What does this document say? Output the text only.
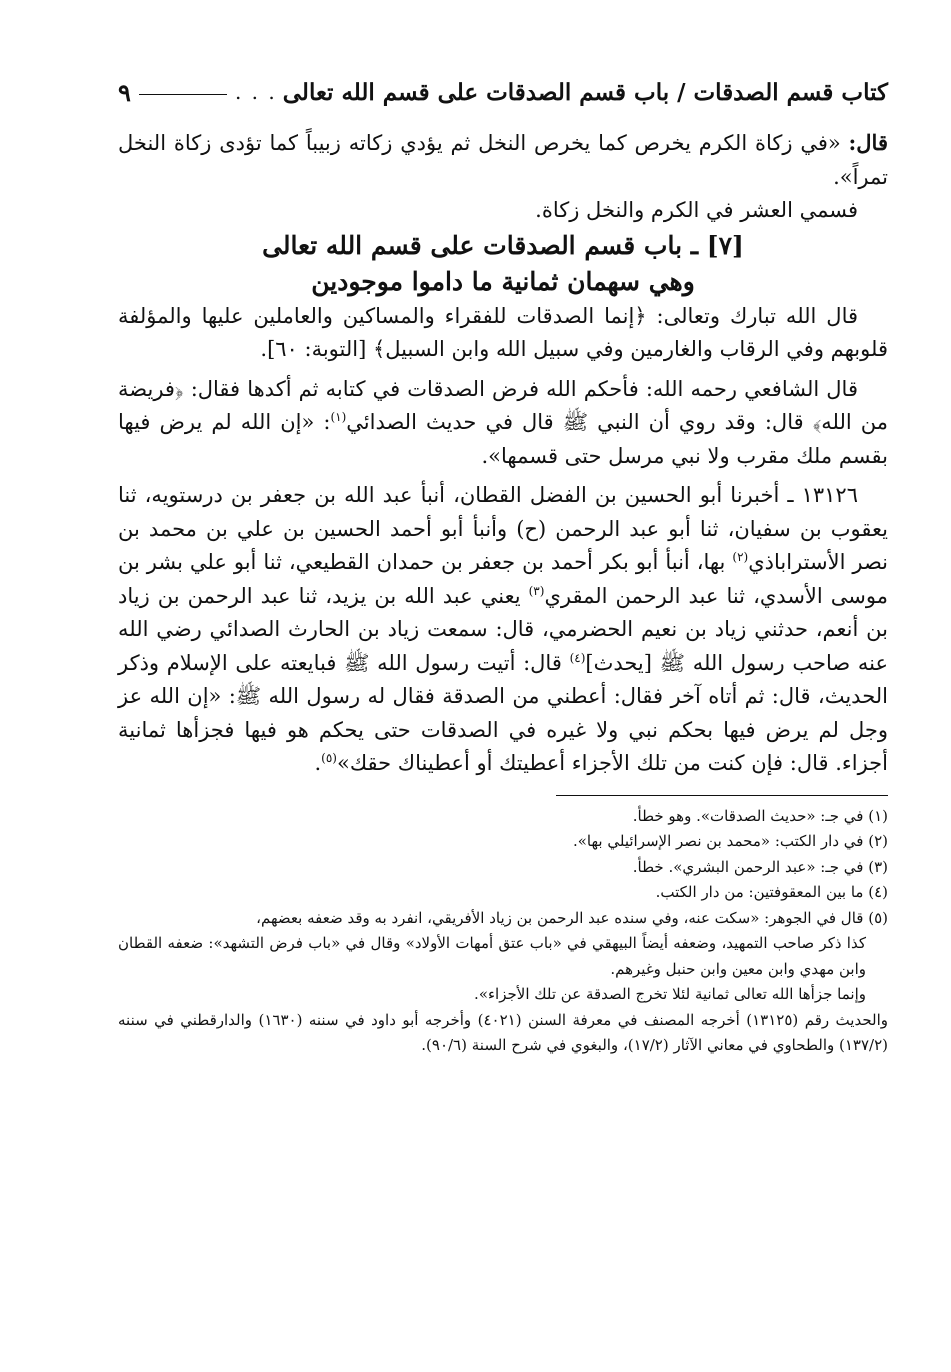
كتاب قسم الصدقات / باب قسم الصدقات على قسم الله تعالى
. . .
٩

قال: «في زكاة الكرم يخرص كما يخرص النخل ثم يؤدي زكاته زبيباً كما تؤدى زكاة النخل تمراً».

فسمي العشر في الكرم والنخل زكاة.

[٧] ـ باب قسم الصدقات على قسم الله تعالى
وهي سهمان ثمانية ما داموا موجودين

قال الله تبارك وتعالى: ﴿إنما الصدقات للفقراء والمساكين والعاملين عليها والمؤلفة قلوبهم وفي الرقاب والغارمين وفي سبيل الله وابن السبيل﴾ [التوبة: ٦٠].

قال الشافعي رحمه الله: فأحكم الله فرض الصدقات في كتابه ثم أكدها فقال: ﴿فريضة من الله﴾ قال: وقد روي أن النبي ﷺ قال في حديث الصدائي$^{(١)}$: «إن الله لم يرض فيها بقسم ملك مقرب ولا نبي مرسل حتى قسمها».

١٣١٢٦ ـ أخبرنا أبو الحسين بن الفضل القطان، أنبأ عبد الله بن جعفر بن درستويه، ثنا يعقوب بن سفيان، ثنا أبو عبد الرحمن (ح) وأنبأ أبو أحمد الحسين بن علي بن محمد بن نصر الأستراباذي$^{(٢)}$ بها، أنبأ أبو بكر أحمد بن جعفر بن حمدان القطيعي، ثنا أبو علي بشر بن موسى الأسدي، ثنا عبد الرحمن المقري$^{(٣)}$ يعني عبد الله بن يزيد، ثنا عبد الرحمن بن زياد بن أنعم، حدثني زياد بن نعيم الحضرمي، قال: سمعت زياد بن الحارث الصدائي رضي الله عنه صاحب رسول الله ﷺ [يحدث]$^{(٤)}$ قال: أتيت رسول الله ﷺ فبايعته على الإسلام وذكر الحديث، قال: ثم أتاه آخر فقال: أعطني من الصدقة فقال له رسول الله ﷺ: «إن الله عز وجل لم يرض فيها بحكم نبي ولا غيره في الصدقات حتى يحكم هو فيها فجزأها ثمانية أجزاء. قال: فإن كنت من تلك الأجزاء أعطيتك أو أعطيناك حقك»$^{(٥)}$.

(١) في جـ: «حديث الصدقات». وهو خطأ.

(٢) في دار الكتب: «محمد بن نصر الإسرائيلي بها».

(٣) في جـ: «عبد الرحمن البشري». خطأ.

(٤) ما بين المعقوفتين: من دار الكتب.

(٥) قال في الجوهر: «سكت عنه، وفي سنده عبد الرحمن بن زياد الأفريقي، انفرد به وقد ضعفه بعضهم،

كذا ذكر صاحب التمهيد، وضعفه أيضاً البيهقي في «باب عتق أمهات الأولاد» وقال في «باب فرض التشهد»: ضعفه القطان وابن مهدي وابن معين وابن حنبل وغيرهم.

وإنما جزأها الله تعالى ثمانية لئلا تخرج الصدقة عن تلك الأجزاء».

والحديث رقم (١٣١٢٥) أخرجه المصنف في معرفة السنن (٤٠٢١) وأخرجه أبو داود في سننه (١٦٣٠) والدارقطني في سننه (١٣٧/٢) والطحاوي في معاني الآثار (١٧/٢)، والبغوي في شرح السنة (٩٠/٦).
